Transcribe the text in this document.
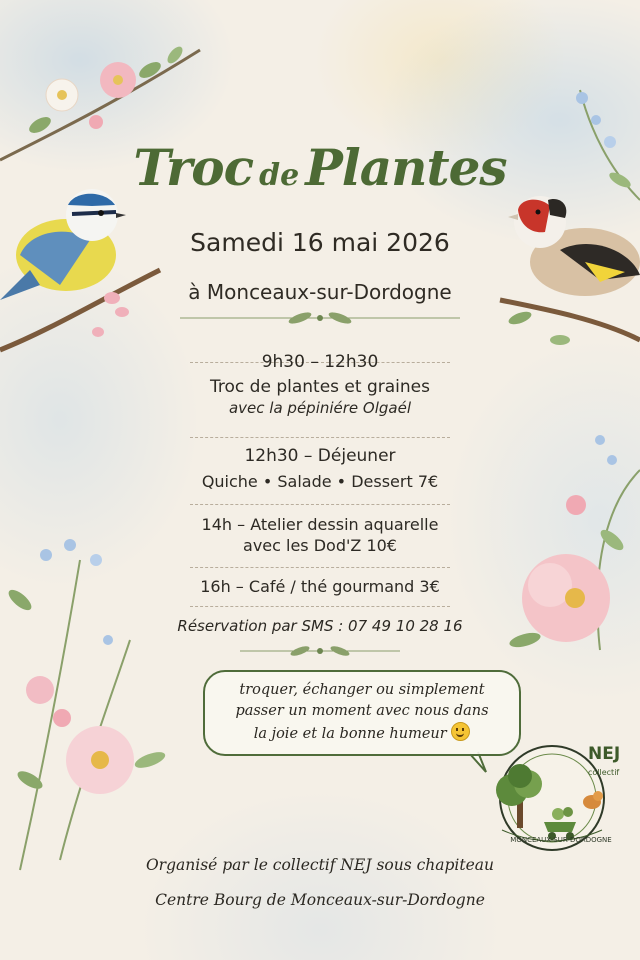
Troc de Plantes
Samedi 16 mai 2026
à Monceaux-sur-Dordogne
9h30 – 12h30
Troc de plantes et graines
avec la pépiniére Olgaél
12h30 – Déjeuner
Quiche • Salade • Dessert 7€
14h – Atelier dessin aquarelle
avec les Dod'Z 10€
16h – Café / thé gourmand 3€
Réservation par SMS : 07 49 10 28 16
troquer, échanger ou simplement
passer un moment avec nous dans
la joie et la bonne humeur
NEJ
collectif
MONCEAUX-SUR-DORDOGNE
Organisé par le collectif NEJ sous chapiteau
Centre Bourg de Monceaux-sur-Dordogne
